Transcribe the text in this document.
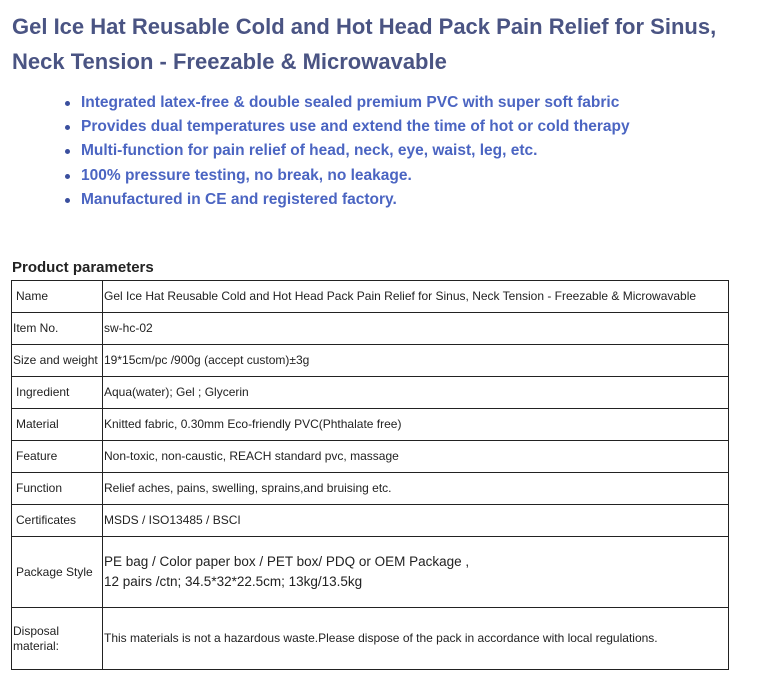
Gel Ice Hat Reusable Cold and Hot Head Pack Pain Relief for Sinus, Neck Tension - Freezable & Microwavable
Integrated latex-free & double sealed premium PVC with super soft fabric
Provides dual temperatures use and extend the time of hot or cold therapy
Multi-function for pain relief of head, neck, eye, waist, leg, etc.
100% pressure testing, no break, no leakage.
Manufactured in CE and registered factory.
Product parameters
Name	Gel Ice Hat Reusable Cold and Hot Head Pack Pain Relief for Sinus, Neck Tension - Freezable & Microwavable
Item No.	sw-hc-02
Size and weight	19*15cm/pc /900g (accept custom)±3g
Ingredient	Aqua(water); Gel ; Glycerin
Material	Knitted fabric, 0.30mm Eco-friendly PVC(Phthalate free)
Feature	Non-toxic, non-caustic, REACH standard pvc, massage
Function	Relief aches, pains, swelling, sprains,and bruising etc.
Certificates	MSDS / ISO13485 / BSCI
Package Style	PE bag / Color paper box / PET box/ PDQ or OEM Package ,
12 pairs /ctn; 34.5*32*22.5cm; 13kg/13.5kg

Disposal
material:	This materials is not a hazardous waste.Please dispose of the pack in accordance with local regulations.
